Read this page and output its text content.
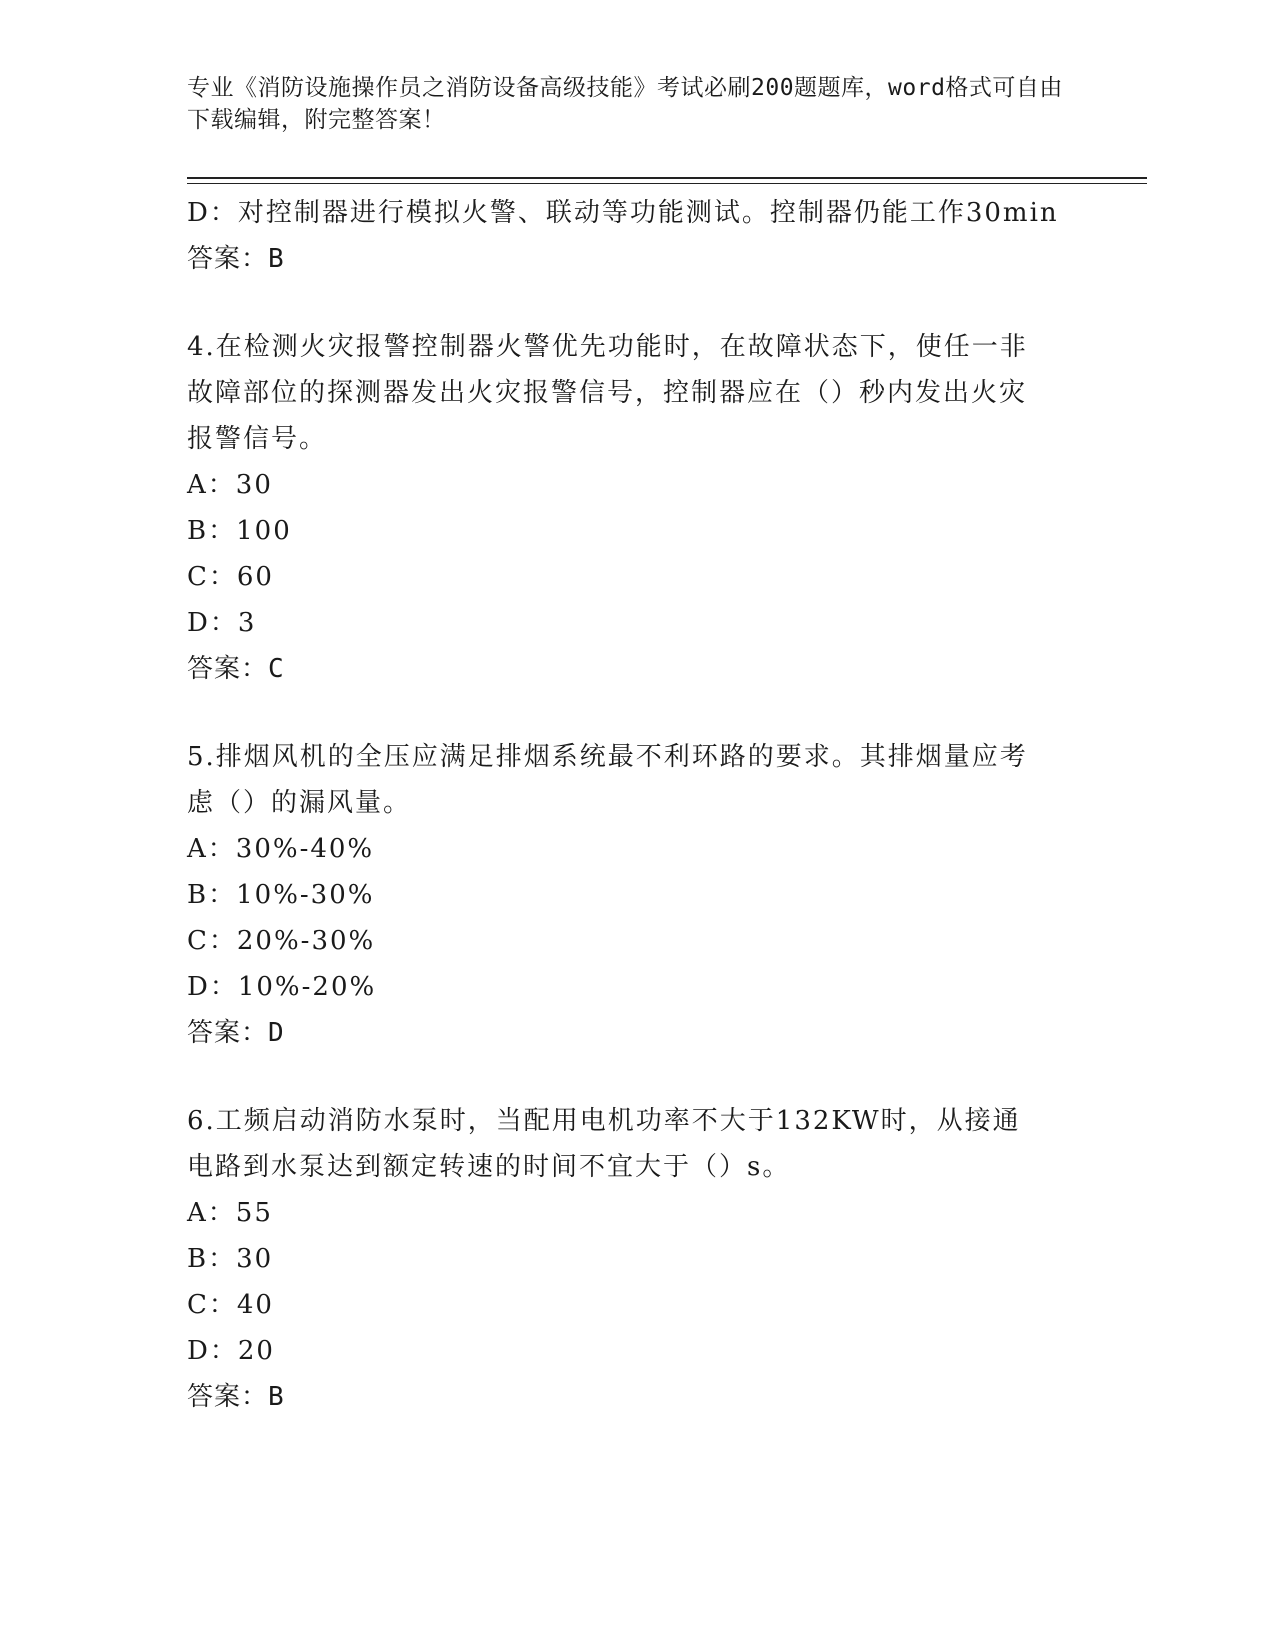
专业《消防设施操作员之消防设备高级技能》考试必刷200题题库，word格式可自由下载编辑，附完整答案！
D：对控制器进行模拟火警、联动等功能测试。控制器仍能工作30min
答案：B
4.在检测火灾报警控制器火警优先功能时，在故障状态下，使任一非故障部位的探测器发出火灾报警信号，控制器应在（）秒内发出火灾报警信号。
A：30
B：100
C：60
D：3
答案：C
5.排烟风机的全压应满足排烟系统最不利环路的要求。其排烟量应考虑（）的漏风量。
A：30%-40%
B：10%-30%
C：20%-30%
D：10%-20%
答案：D
6.工频启动消防水泵时，当配用电机功率不大于132KW时，从接通电路到水泵达到额定转速的时间不宜大于（）s。
A：55
B：30
C：40
D：20
答案：B
